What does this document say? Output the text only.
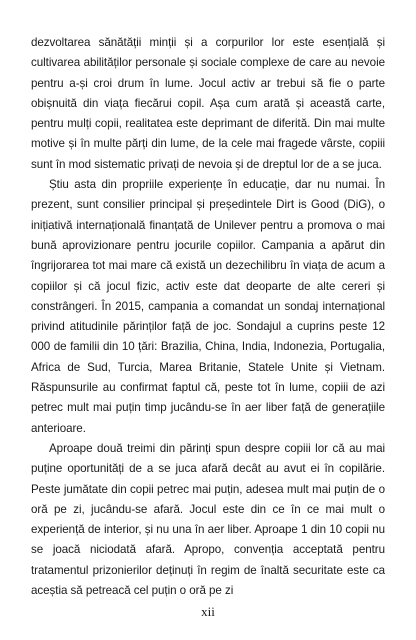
dezvoltarea sănătății minții și a corpurilor lor este esențială și cultivarea abilităților personale și sociale complexe de care au nevoie pentru a-și croi drum în lume. Jocul activ ar trebui să fie o parte obișnuită din viața fiecărui copil. Așa cum arată și această carte, pentru mulți copii, realitatea este deprimant de diferită. Din mai multe motive și în multe părți din lume, de la cele mai fragede vârste, copiii sunt în mod sistematic privați de nevoia și de dreptul lor de a se juca.

Știu asta din propriile experiențe în educație, dar nu numai. În prezent, sunt consilier principal și președintele Dirt is Good (DiG), o inițiativă internațională finanțată de Unilever pentru a promova o mai bună aprovizionare pentru jocurile copiilor. Campania a apărut din îngrijorarea tot mai mare că există un dezechilibru în viața de acum a copiilor și că jocul fizic, activ este dat deoparte de alte cereri și constrângeri. În 2015, campania a comandat un sondaj internațional privind atitudinile părinților față de joc. Sondajul a cuprins peste 12 000 de familii din 10 țări: Brazilia, China, India, Indonezia, Portugalia, Africa de Sud, Turcia, Marea Britanie, Statele Unite și Vietnam. Răspunsurile au confirmat faptul că, peste tot în lume, copiii de azi petrec mult mai puțin timp jucându-se în aer liber față de generațiile anterioare.

Aproape două treimi din părinți spun despre copiii lor că au mai puține oportunități de a se juca afară decât au avut ei în copilărie. Peste jumătate din copii petrec mai puțin, adesea mult mai puțin de o oră pe zi, jucându-se afară. Jocul este din ce în ce mai mult o experiență de interior, și nu una în aer liber. Aproape 1 din 10 copii nu se joacă niciodată afară. Apropo, convenția acceptată pentru tratamentul prizonierilor deținuți în regim de înaltă securitate este ca aceștia să petreacă cel puțin o oră pe zi

xii
